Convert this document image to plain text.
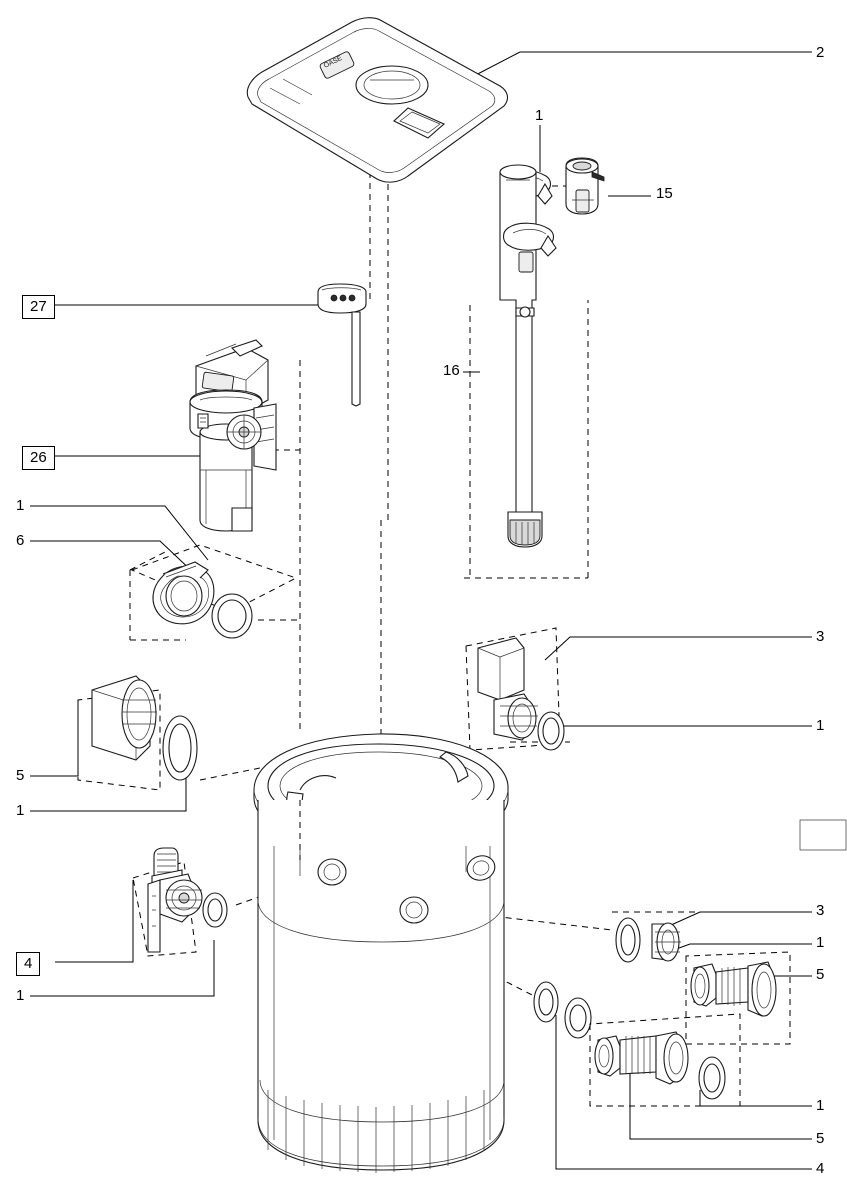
OASE
2
1
15
16
27
26
1
6
5
1
3
1
4
1
3
1
5
1
5
4
